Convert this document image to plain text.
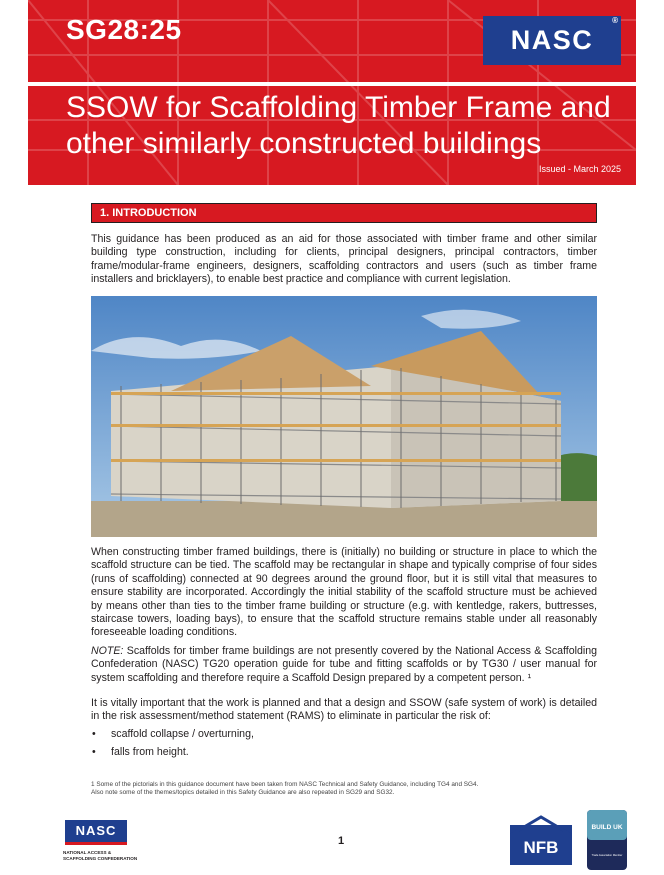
SG28:25	NASC
®
SSOW for Scaffolding Timber Frame and other similarly constructed buildings
Issued - March 2025
1. INTRODUCTION

This guidance has been produced as an aid for those associated with timber frame and other similar building type construction, including for clients, principal designers, principal contractors, timber frame/modular-frame engineers, designers, scaffolding contractors and users (such as timber frame installers and bricklayers), to enable best practice and compliance with current legislation.

When constructing timber framed buildings, there is (initially) no building or structure in place to which the scaffold structure can be tied. The scaffold may be rectangular in shape and typically comprise of four sides (runs of scaffolding) connected at 90 degrees around the ground floor, but it is still vital that measures to ensure stability are incorporated. Accordingly the initial stability of the scaffold structure must be achieved by means other than ties to the timber frame building or structure (e.g. with kentledge, rakers, buttresses, staircase towers, loading bays), to ensure that the scaffold structure remains stable under all reasonably foreseeable loading conditions.

NOTE: Scaffolds for timber frame buildings are not presently covered by the National Access & Scaffolding Confederation (NASC) TG20 operation guide for tube and fitting scaffolds or by TG30 / user manual for system scaffolding and therefore require a Scaffold Design prepared by a competent person. ¹

It is vitally important that the work is planned and that a design and SSOW (safe system of work) is detailed in the risk assessment/method statement (RAMS) to eliminate in particular the risk of:

• scaffold collapse / overturning,
• falls from height.
1 Some of the pictorials in this guidance document have been taken from NASC Technical and Safety Guidance, including TG4 and SG4.
Also note some of the themes/topics detailed in this Safety Guidance are also repeated in SG29 and SG32.
NASC
NATIONAL ACCESS & SCAFFOLDING CONFEDERATION
1	NFB
BUILD UK
Trade Association Member
